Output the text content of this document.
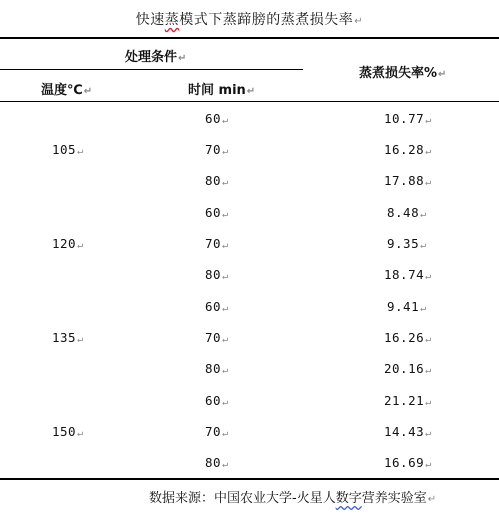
快速蒸模式下蒸蹄膀的蒸煮损失率↵
处理条件↵
温度℃↵	时间 min↵
蒸煮损失率%↵
105↵
60↵	10.77↵
70↵	16.28↵
80↵	17.88↵
120↵
60↵	8.48↵
70↵	9.35↵
80↵	18.74↵
135↵
60↵	9.41↵
70↵	16.26↵
80↵	20.16↵
150↵
60↵	21.21↵
70↵	14.43↵
80↵	16.69↵
数据来源：中国农业大学-火星人数字营养实验室↵
